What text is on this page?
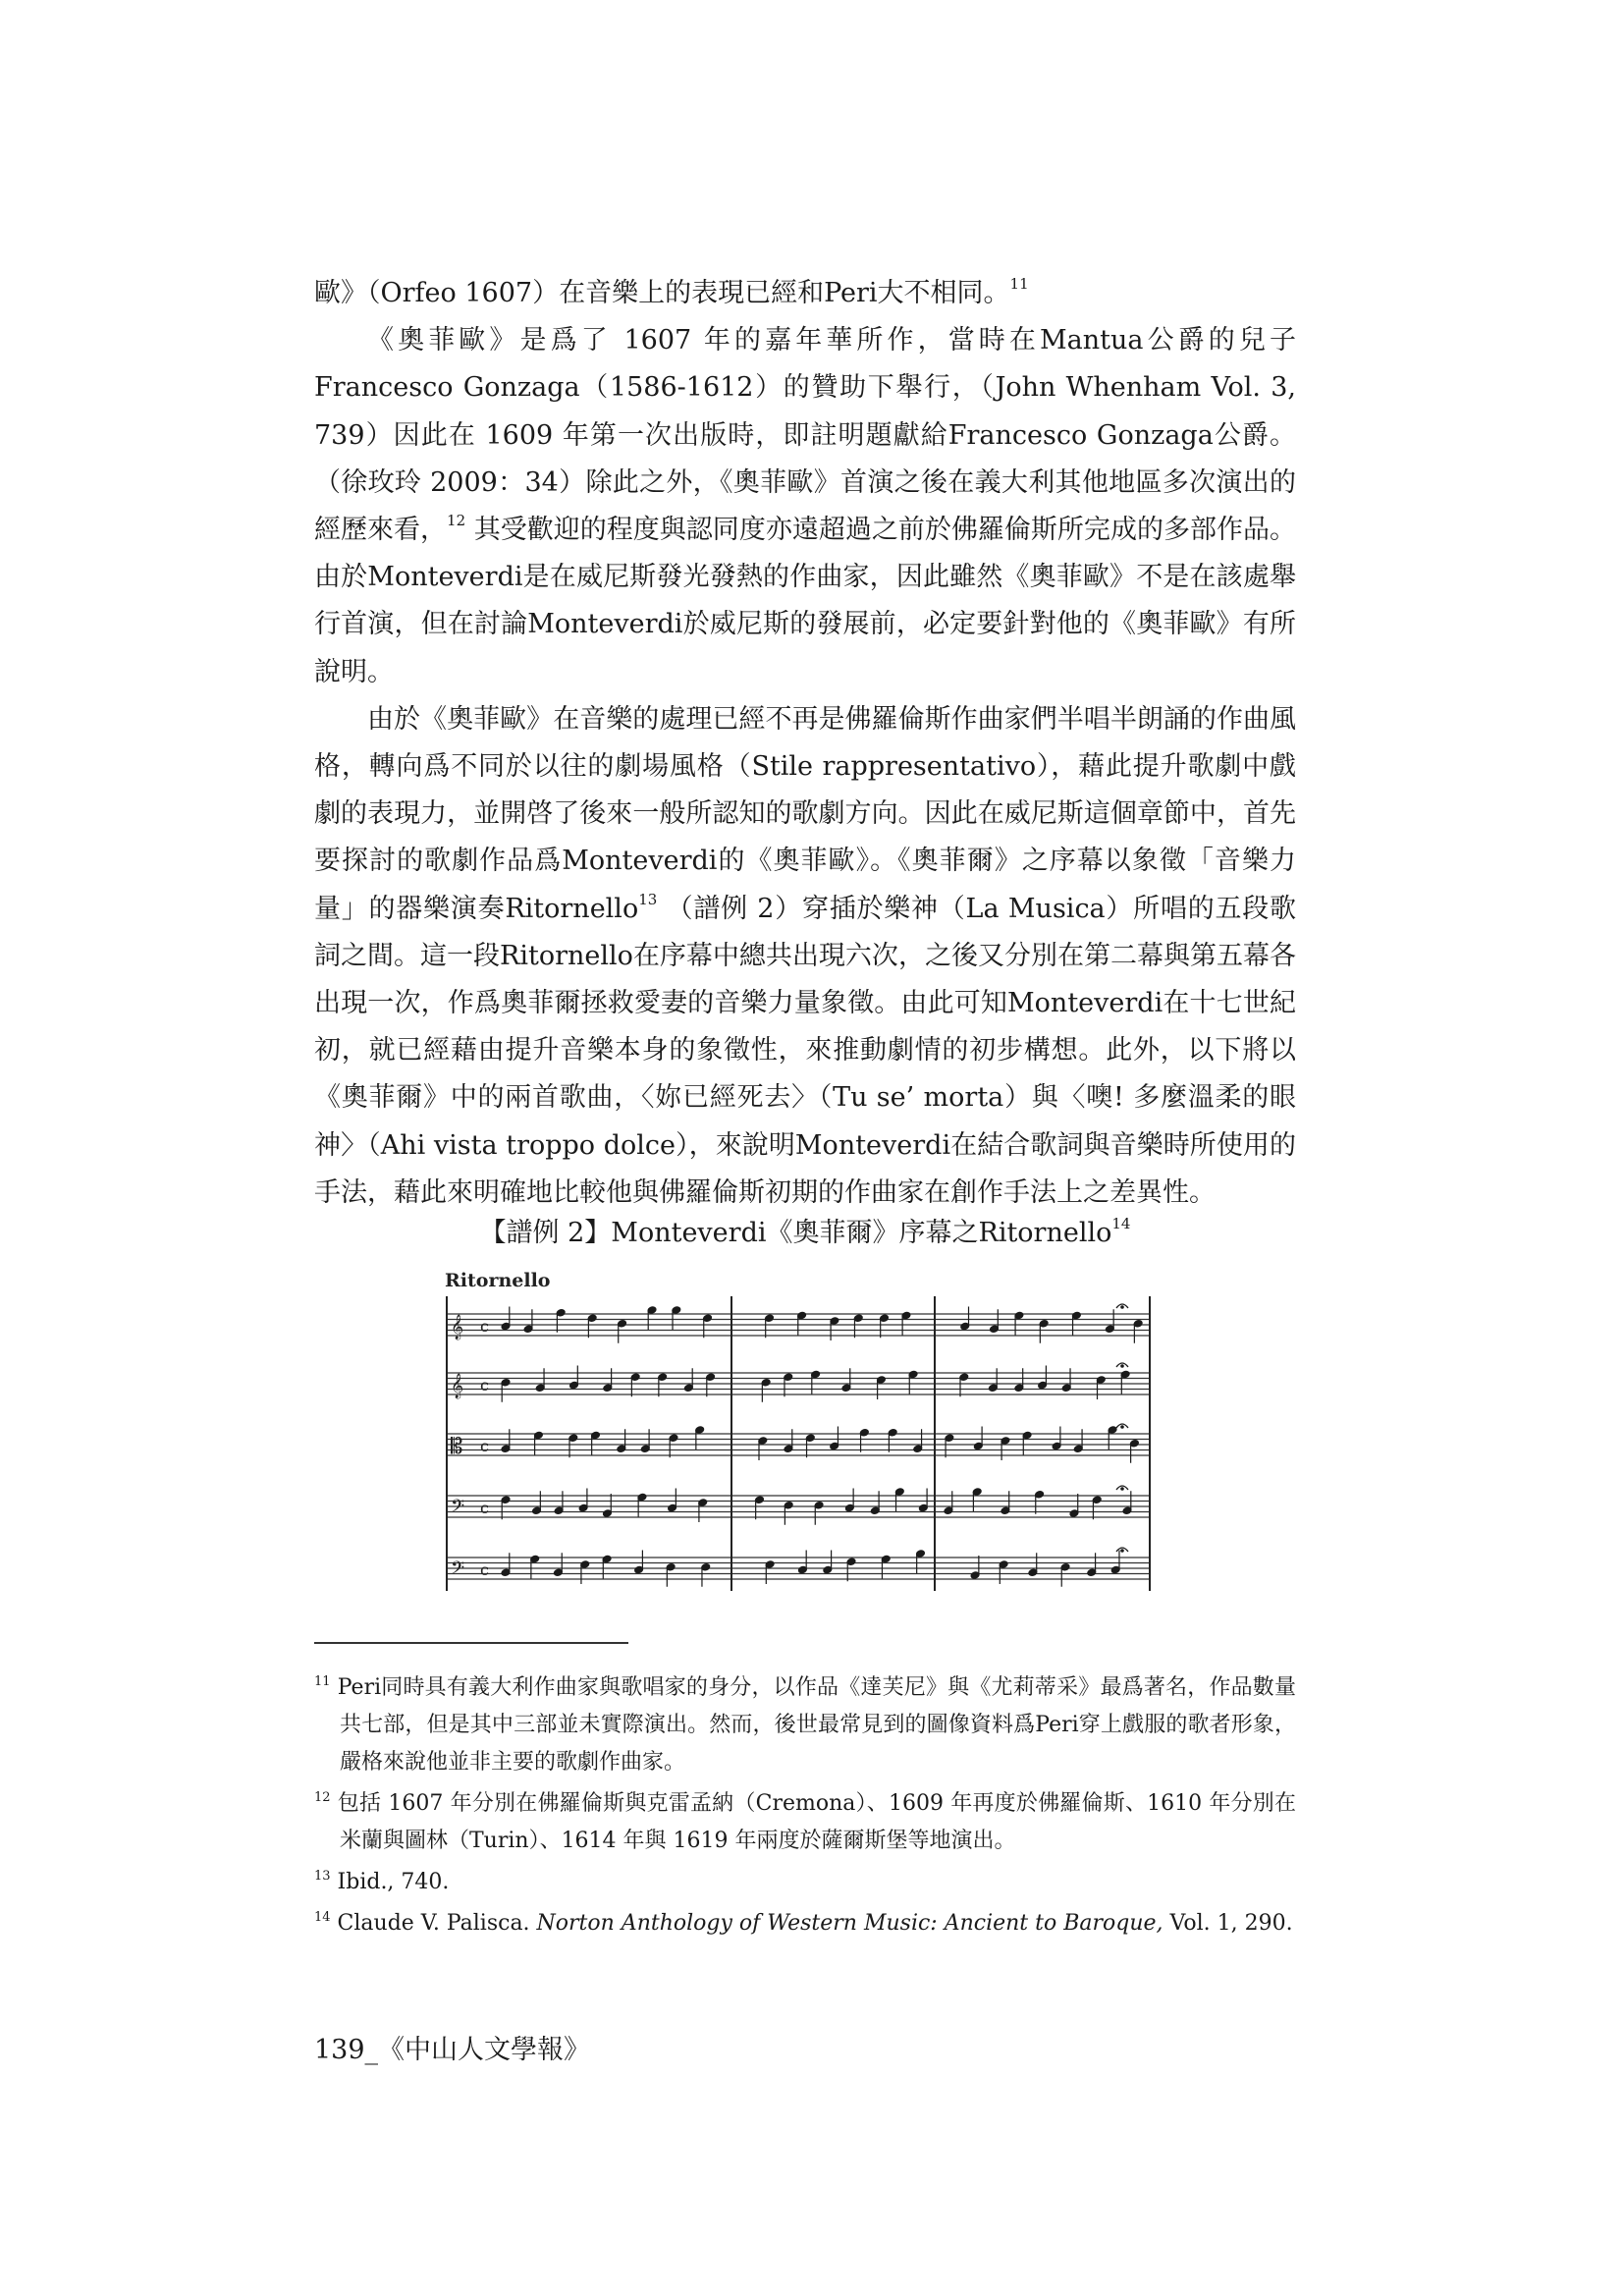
歐》（Orfeo 1607）在音樂上的表現已經和Peri大不相同。$^{11}$

《奧菲歐》是爲了 1607 年的嘉年華所作，當時在Mantua公爵的兒子Francesco Gonzaga（1586-1612）的贊助下舉行，（John Whenham Vol. 3, 739）因此在 1609 年第一次出版時，即註明題獻給Francesco Gonzaga公爵。（徐玫玲 2009：34）除此之外，《奧菲歐》首演之後在義大利其他地區多次演出的經歷來看，$^{12}$ 其受歡迎的程度與認同度亦遠超過之前於佛羅倫斯所完成的多部作品。由於Monteverdi是在威尼斯發光發熱的作曲家，因此雖然《奧菲歐》不是在該處舉行首演，但在討論Monteverdi於威尼斯的發展前，必定要針對他的《奧菲歐》有所說明。

由於《奧菲歐》在音樂的處理已經不再是佛羅倫斯作曲家們半唱半朗誦的作曲風格，轉向爲不同於以往的劇場風格（Stile rappresentativo），藉此提升歌劇中戲劇的表現力，並開啓了後來一般所認知的歌劇方向。因此在威尼斯這個章節中，首先要探討的歌劇作品爲Monteverdi的《奧菲歐》。《奧菲爾》之序幕以象徵「音樂力量」的器樂演奏Ritornello$^{13}$ （譜例 2）穿插於樂神（La Musica）所唱的五段歌詞之間。這一段Ritornello在序幕中總共出現六次，之後又分別在第二幕與第五幕各出現一次，作爲奧菲爾拯救愛妻的音樂力量象徵。由此可知Monteverdi在十七世紀初，就已經藉由提升音樂本身的象徵性，來推動劇情的初步構想。此外，以下將以《奧菲爾》中的兩首歌曲，〈妳已經死去〉（Tu se’ morta）與〈噢! 多麼溫柔的眼神〉（Ahi vista troppo dolce），來說明Monteverdi在結合歌詞與音樂時所使用的手法，藉此來明確地比較他與佛羅倫斯初期的作曲家在創作手法上之差異性。

【譜例 2】Monteverdi《奧菲爾》序幕之Ritornello$^{14}$
Ritornello
𝄞 c
𝄞 c
𝄡 c
𝄢 c
𝄢 c

$^{11}$ Peri同時具有義大利作曲家與歌唱家的身分，以作品《達芙尼》與《尤莉蒂采》最爲著名，作品數量共七部，但是其中三部並未實際演出。然而，後世最常見到的圖像資料爲Peri穿上戲服的歌者形象，嚴格來說他並非主要的歌劇作曲家。

$^{12}$ 包括 1607 年分別在佛羅倫斯與克雷孟納（Cremona）、1609 年再度於佛羅倫斯、1610 年分別在米蘭與圖林（Turin）、1614 年與 1619 年兩度於薩爾斯堡等地演出。

$^{13}$ Ibid., 740.

$^{14}$ Claude V. Palisca. Norton Anthology of Western Music: Ancient to Baroque, Vol. 1, 290.

139_《中山人文學報》
